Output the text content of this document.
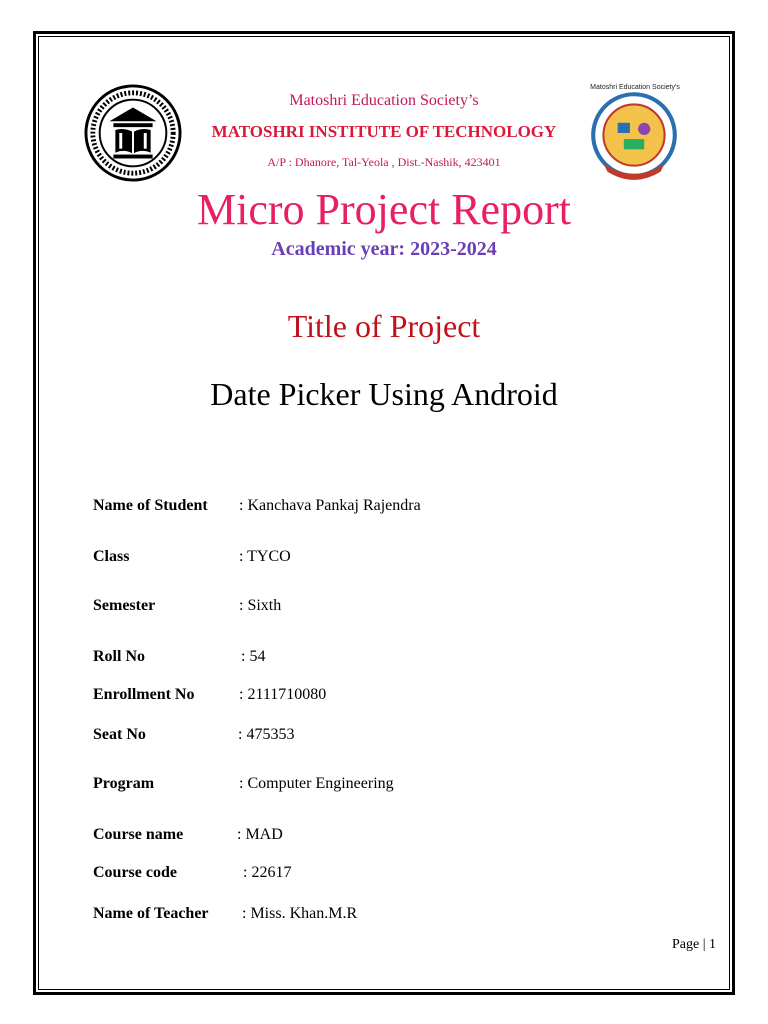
Matoshri Education Society's
Matoshri Education Society’s
MATOSHRI INSTITUTE OF TECHNOLOGY
A/P : Dhanore, Tal-Yeola , Dist.-Nashik, 423401
Micro Project Report
Academic year: 2023-2024
Title of Project
Date Picker Using Android
Name of Student : Kanchava Pankaj Rajendra
Class	: TYCO
Semester	: Sixth
Roll No	: 54
Enrollment No	: 2111710080
Seat No	: 475353
Program	: Computer Engineering
Course name	: MAD
Course code	: 22617
Name of Teacher : Miss. Khan.M.R
Page | 1
